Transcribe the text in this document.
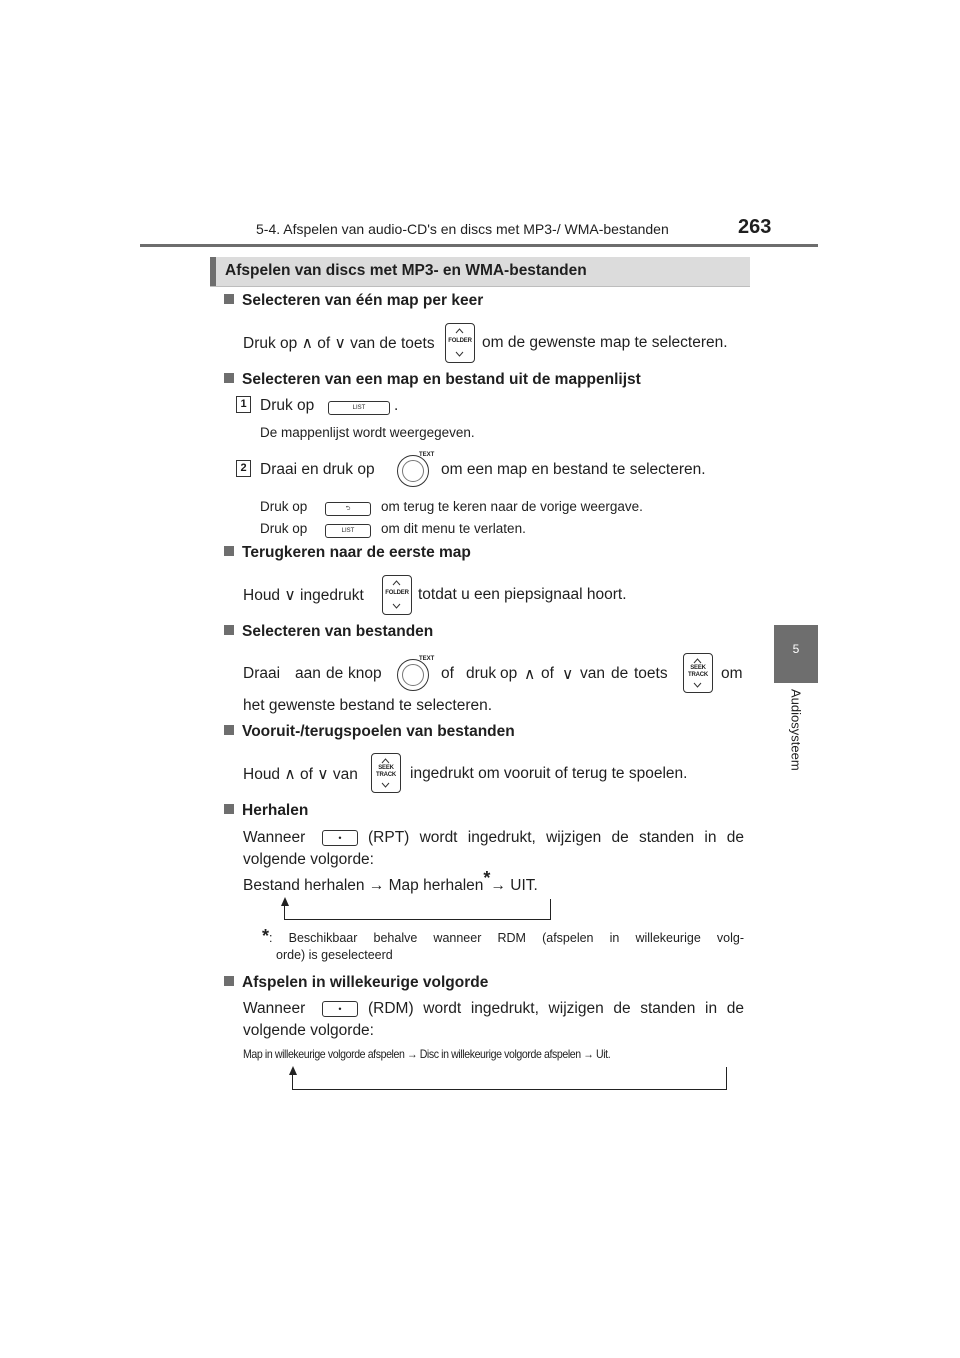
5-4. Afspelen van audio-CD's en discs met MP3-/ WMA-bestanden	263
5
Audiosysteem
Afspelen van discs met MP3- en WMA-bestanden
Selecteren van één map per keer
Druk op ∧ of ∨ van de toets	FOLDER om de gewenste map te selecteren.
Selecteren van een map en bestand uit de mappenlijst
1 Druk op	LIST	.
De mappenlijst wordt weergegeven.
2 Draai en druk op
TEXT
om een map en bestand te selecteren.
Druk op	⮌	om terug te keren naar de vorige weergave.
Druk op	LIST	om dit menu te verlaten.
Terugkeren naar de eerste map
Houd ∨ ingedrukt	FOLDER totdat u een piepsignaal hoort.
Selecteren van bestanden
Draai aan de knop
TEXT
of druk op ∧ of ∨ van de toets	SEEK
TRACK om
het gewenste bestand te selecteren.
Vooruit-/terugspoelen van bestanden
Houd ∧ of ∨ van	SEEK
TRACK ingedrukt om vooruit of terug te spoelen.
Herhalen
Wanneer	•	(RPT) wordt ingedrukt, wijzigen de standen in de
volgende volgorde:
Bestand herhalen → Map herhalen*→ UIT.
*: Beschikbaar behalve wanneer RDM (afspelen in willekeurige volg-
orde) is geselecteerd
Afspelen in willekeurige volgorde
Wanneer	•	(RDM) wordt ingedrukt, wijzigen de standen in de
volgende volgorde:
Map in willekeurige volgorde afspelen → Disc in willekeurige volgorde afspelen → Uit.
